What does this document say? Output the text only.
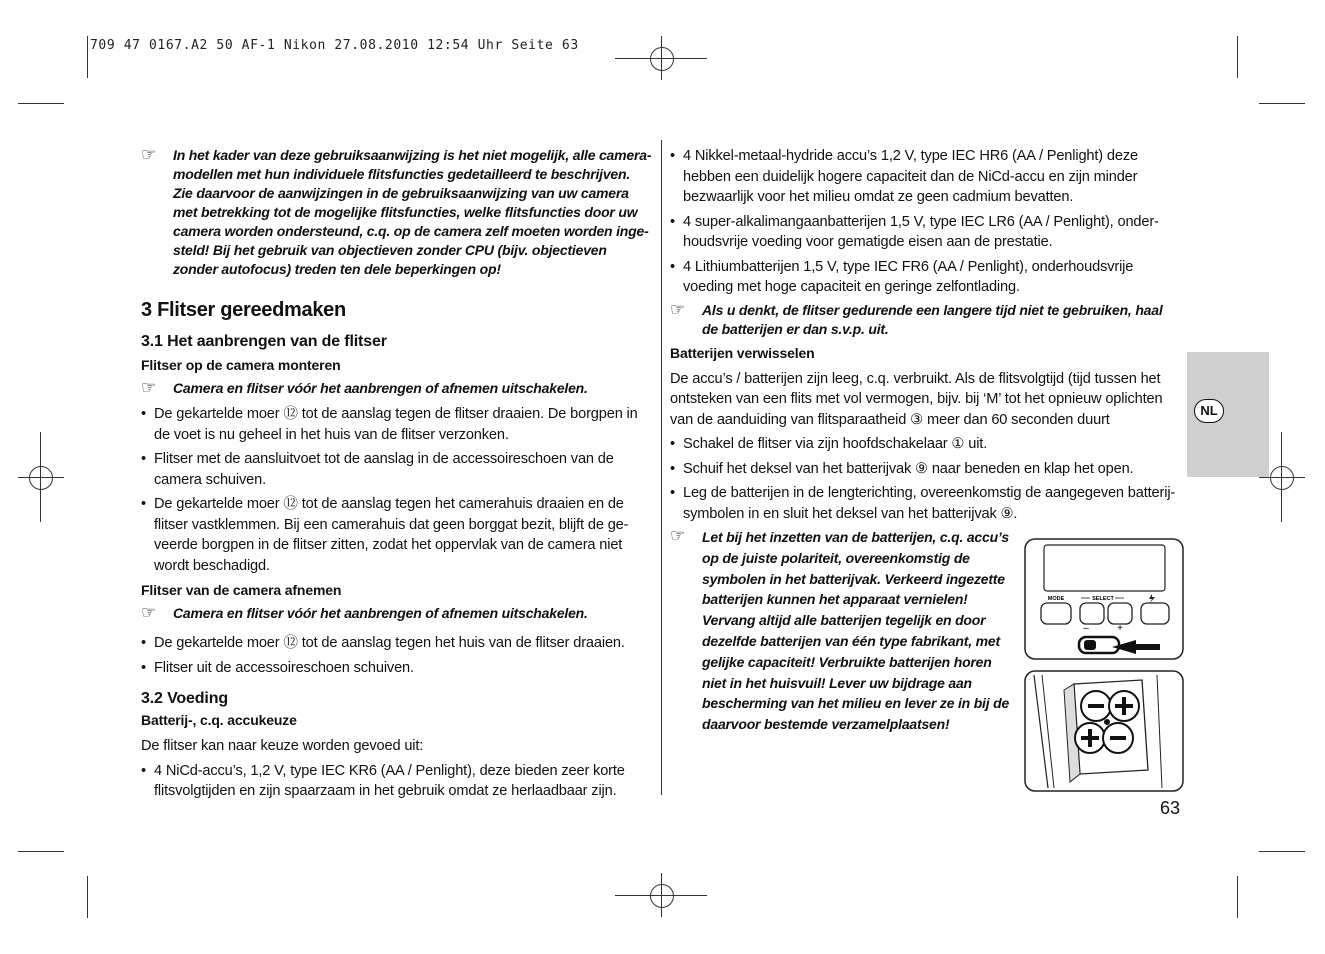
709 47 0167.A2 50 AF-1 Nikon 27.08.2010 12:54 Uhr Seite 63
NL
☞ In het kader van deze gebruiksaanwijzing is het niet mogelijk, alle camera-modellen met hun individuele flitsfuncties gedetailleerd te beschrijven. Zie daarvoor de aanwijzingen in de gebruiksaanwijzing van uw camera met betrekking tot de mogelijke flitsfuncties, welke flitsfuncties door uw camera worden ondersteund, c.q. op de camera zelf moeten worden inge-steld! Bij het gebruik van objectieven zonder CPU (bijv. objectieven zonder autofocus) treden ten dele beperkingen op!
3 Flitser gereedmaken
3.1 Het aanbrengen van de flitser
Flitser op de camera monteren
☞ Camera en flitser vóór het aanbrengen of afnemen uitschakelen.
• De gekartelde moer ⑫ tot de aanslag tegen de flitser draaien. De borgpen in de voet is nu geheel in het huis van de flitser verzonken.
• Flitser met de aansluitvoet tot de aanslag in de accessoireschoen van de camera schuiven.
• De gekartelde moer ⑫ tot de aanslag tegen het camerahuis draaien en de flitser vastklemmen. Bij een camerahuis dat geen borggat bezit, blijft de ge-veerde borgpen in de flitser zitten, zodat het oppervlak van de camera niet wordt beschadigd.
Flitser van de camera afnemen
☞ Camera en flitser vóór het aanbrengen of afnemen uitschakelen.
• De gekartelde moer ⑫ tot de aanslag tegen het huis van de flitser draaien.
• Flitser uit de accessoireschoen schuiven.
3.2 Voeding
Batterij-, c.q. accukeuze
De flitser kan naar keuze worden gevoed uit:
• 4 NiCd-accu’s, 1,2 V, type IEC KR6 (AA / Penlight), deze bieden zeer korte flitsvolgtijden en zijn spaarzaam in het gebruik omdat ze herlaadbaar zijn.
• 4 Nikkel-metaal-hydride accu’s 1,2 V, type IEC HR6 (AA / Penlight) deze hebben een duidelijk hogere capaciteit dan de NiCd-accu en zijn minder bezwaarlijk voor het milieu omdat ze geen cadmium bevatten.
• 4 super-alkalimangaanbatterijen 1,5 V, type IEC LR6 (AA / Penlight), onder-houdsvrije voeding voor gematigde eisen aan de prestatie.
• 4 Lithiumbatterijen 1,5 V, type IEC FR6 (AA / Penlight), onderhoudsvrije voeding met hoge capaciteit en geringe zelfontlading.
☞ Als u denkt, de flitser gedurende een langere tijd niet te gebruiken, haal de batterijen er dan s.v.p. uit.
Batterijen verwisselen
De accu’s / batterijen zijn leeg, c.q. verbruikt. Als de flitsvolgtijd (tijd tussen het ontsteken van een flits met vol vermogen, bijv. bij ‘M’ tot het opnieuw oplichten van de aanduiding van flitsparaatheid ③ meer dan 60 seconden duurt
• Schakel de flitser via zijn hoofdschakelaar ① uit.
• Schuif het deksel van het batterijvak ⑨ naar beneden en klap het open.
• Leg de batterijen in de lengterichting, overeenkomstig de aangegeven batterij-symbolen in en sluit het deksel van het batterijvak ⑨.
☞ Let bij het inzetten van de batterijen, c.q. accu’s op de juiste polariteit, overeenkomstig de symbolen in het batterijvak. Verkeerd ingezette batterijen kunnen het apparaat vernielen! Vervang altijd alle batterijen tegelijk en door dezelfde batterijen van één type fabrikant, met gelijke capaciteit! Verbruikte batterijen horen niet in het huisvuil! Lever uw bijdrage aan bescherming van het milieu en lever ze in bij de daarvoor bestemde verzamelplaatsen!
MODE	SELECT
–	+
63
